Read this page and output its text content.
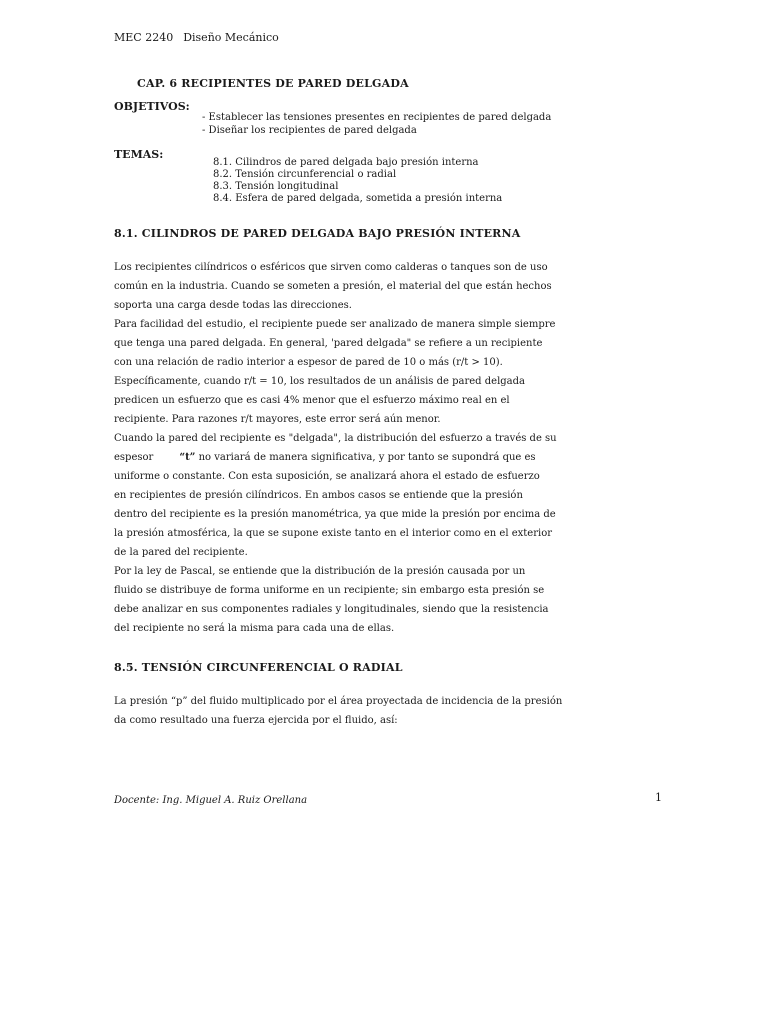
MEC 2240 Diseño Mecánico
CAP. 6 RECIPIENTES DE PARED DELGADA
OBJETIVOS:
- Establecer las tensiones presentes en recipientes de pared delgada
- Diseñar los recipientes de pared delgada
TEMAS:
8.1. Cilindros de pared delgada bajo presión interna
8.2. Tensión circunferencial o radial
8.3. Tensión longitudinal
8.4. Esfera de pared delgada, sometida a presión interna
8.1. CILINDROS DE PARED DELGADA BAJO PRESIÓN INTERNA
Los recipientes cilíndricos o esféricos que sirven como calderas o tanques son de uso
común en la industria. Cuando se someten a presión, el material del que están hechos
soporta una carga desde todas las direcciones.
Para facilidad del estudio, el recipiente puede ser analizado de manera simple siempre
que tenga una pared delgada. En general, 'pared delgada" se refiere a un recipiente
con una relación de radio interior a espesor de pared de 10 o más (r/t > 10).
Específicamente, cuando r/t = 10, los resultados de un análisis de pared delgada
predicen un esfuerzo que es casi 4% menor que el esfuerzo máximo real en el
recipiente. Para razones r/t mayores, este error será aún menor.
Cuando la pared del recipiente es "delgada", la distribución del esfuerzo a través de su
espesor	“t” no variará de manera significativa, y por tanto se supondrá que es
uniforme o constante. Con esta suposición, se analizará ahora el estado de esfuerzo
en recipientes de presión cilíndricos. En ambos casos se entiende que la presión
dentro del recipiente es la presión manométrica, ya que mide la presión por encima de
la presión atmosférica, la que se supone existe tanto en el interior como en el exterior
de la pared del recipiente.
Por la ley de Pascal, se entiende que la distribución de la presión causada por un
fluido se distribuye de forma uniforme en un recipiente; sin embargo esta presión se
debe analizar en sus componentes radiales y longitudinales, siendo que la resistencia
del recipiente no será la misma para cada una de ellas.
8.5. TENSIÓN CIRCUNFERENCIAL O RADIAL
La presión “p” del fluido multiplicado por el área proyectada de incidencia de la presión
da como resultado una fuerza ejercida por el fluido, así:
Docente: Ing. Miguel A. Ruiz Orellana	1
